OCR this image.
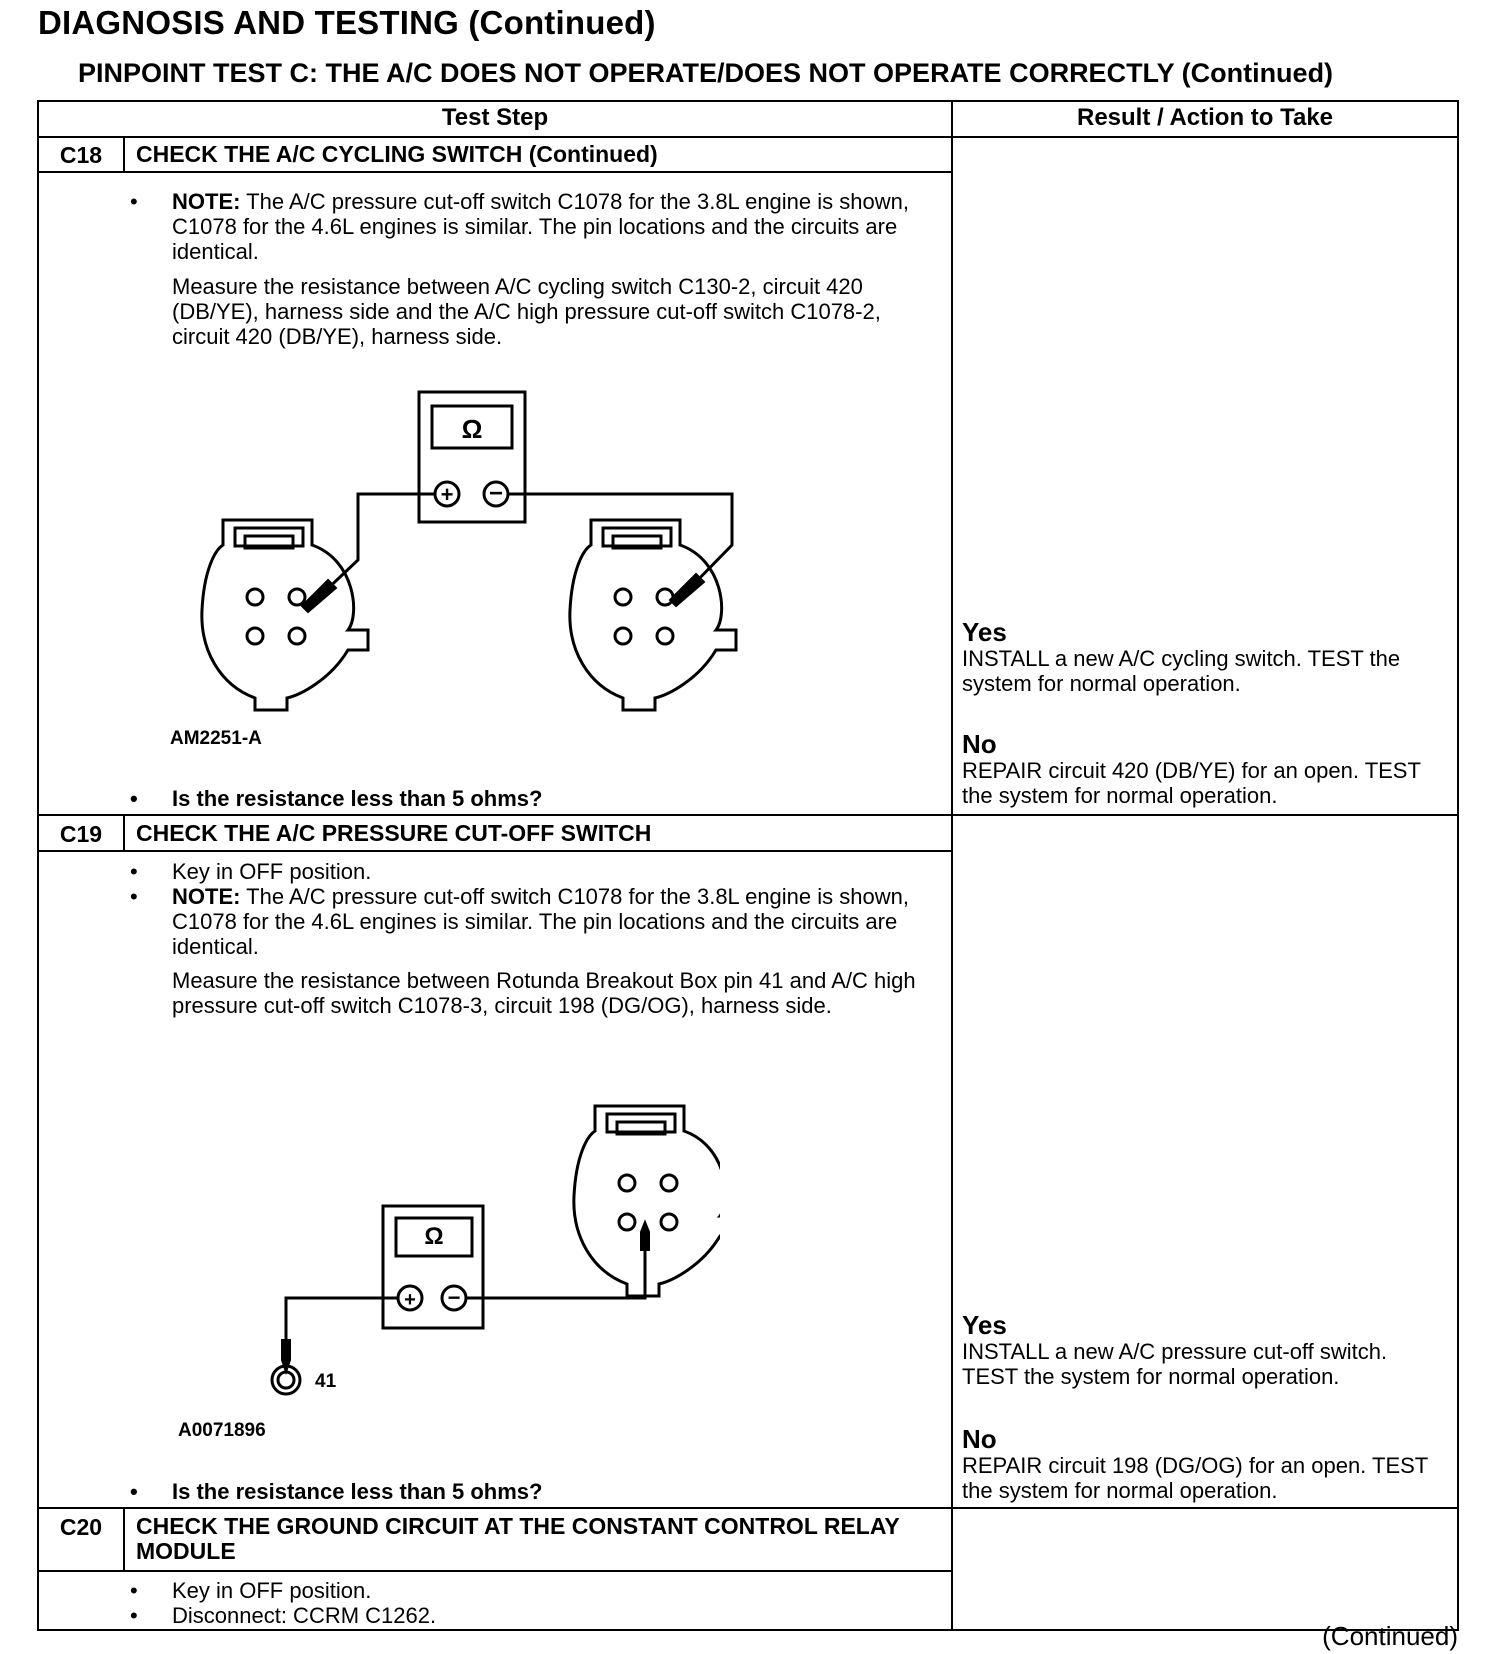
DIAGNOSIS AND TESTING (Continued)
PINPOINT TEST C: THE A/C DOES NOT OPERATE/DOES NOT OPERATE CORRECTLY (Continued)
Test Step	Result / Action to Take
C18	CHECK THE A/C CYCLING SWITCH (Continued)
• NOTE: The A/C pressure cut-off switch C1078 for the 3.8L engine is shown, C1078 for the 4.6L engines is similar. The pin locations and the circuits are identical.
Measure the resistance between A/C cycling switch C130-2, circuit 420 (DB/YE), harness side and the A/C high pressure cut-off switch C1078-2, circuit 420 (DB/YE), harness side.
Ω
+ −
AM2251-A
• Is the resistance less than 5 ohms?
Yes
INSTALL a new A/C cycling switch. TEST the system for normal operation.
No
REPAIR circuit 420 (DB/YE) for an open. TEST the system for normal operation.
C19	CHECK THE A/C PRESSURE CUT-OFF SWITCH
• Key in OFF position.
• NOTE: The A/C pressure cut-off switch C1078 for the 3.8L engine is shown, C1078 for the 4.6L engines is similar. The pin locations and the circuits are identical.
Measure the resistance between Rotunda Breakout Box pin 41 and A/C high pressure cut-off switch C1078-3, circuit 198 (DG/OG), harness side.
Ω
+ −
41
A0071896
• Is the resistance less than 5 ohms?
Yes
INSTALL a new A/C pressure cut-off switch. TEST the system for normal operation.
No
REPAIR circuit 198 (DG/OG) for an open. TEST the system for normal operation.
C20	CHECK THE GROUND CIRCUIT AT THE CONSTANT CONTROL RELAY MODULE
• Key in OFF position.
• Disconnect: CCRM C1262.
(Continued)
